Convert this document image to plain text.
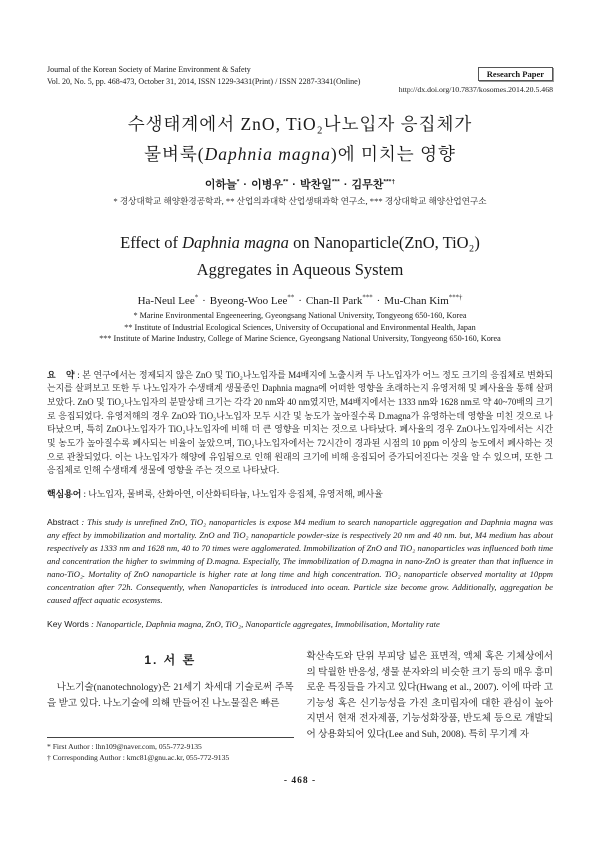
Journal of the Korean Society of Marine Environment & Safety
Vol. 20, No. 5, pp. 468-473, October 31, 2014, ISSN 1229-3431(Print) / ISSN 2287-3341(Online)
Research Paper
http://dx.doi.org/10.7837/kosomes.2014.20.5.468
수생태계에서 ZnO, TiO₂나노입자 응집체가
물벼룩(Daphnia magna)에 미치는 영향
이하늘* · 이병우** · 박찬일*** · 김무찬***†
* 경상대학교 해양환경공학과, ** 산업의과대학 산업생태과학 연구소, *** 경상대학교 해양산업연구소
Effect of Daphnia magna on Nanoparticle(ZnO, TiO₂)
Aggregates in Aqueous System
Ha-Neul Lee* · Byeong-Woo Lee** · Chan-Il Park*** · Mu-Chan Kim***†
* Marine Environmental Engeeneering, Gyeongsang National University, Tongyeong 650-160, Korea
** Institute of Industrial Ecological Sciences, University of Occupational and Environmental Health, Japan
*** Institute of Marine Industry, College of Marine Science, Gyeongsang National University, Tongyeong 650-160, Korea

요    약 : 본 연구에서는 정제되지 않은 ZnO 및 TiO₂나노입자를 M4배지에 노출시켜 두 나노입자가 어느 정도 크기의 응집체로 변화되는지를 살펴보고 또한 두 나노입자가 수생태계 생물종인 Daphnia magna에 어떠한 영향을 초래하는지 유영저해 및 폐사율을 통해 살펴보았다. ZnO 및 TiO₂나노입자의 분말상태 크기는 각각 20 nm와 40 nm였지만, M4배지에서는 1333 nm와 1628 nm로 약 40~70배의 크기로 응집되었다. 유영저해의 경우 ZnO와 TiO₂나노입자 모두 시간 및 농도가 높아질수록 D.magna가 유영하는데 영향을 미친 것으로 나타났으며, 특히 ZnO나노입자가 TiO₂나노입자에 비해 더 큰 영향을 미치는 것으로 나타났다. 폐사율의 경우 ZnO나노입자에서는 시간 및 농도가 높아질수록 폐사되는 비율이 높았으며, TiO₂나노입자에서는 72시간이 경과된 시점의 10 ppm 이상의 농도에서 폐사하는 것으로 관찰되었다. 이는 나노입자가 해양에 유입됨으로 인해 원래의 크기에 비해 응집되어 증가되어진다는 것을 알 수 있으며, 또한 그 응집체로 인해 수생태계 생물에 영향을 주는 것으로 나타났다.

핵심용어 : 나노입자, 물벼룩, 산화아연, 이산화티타늄, 나노입자 응집체, 유영저해, 폐사율

Abstract : This study is unrefined ZnO, TiO₂ nanoparticles is expose M4 medium to search nanoparticle aggregation and Daphnia magna was any effect by immobilization and mortality. ZnO and TiO₂ nanoparticle powder-size is respectively 20 nm and 40 nm. but, M4 medium has about respectively as 1333 nm and 1628 nm, 40 to 70 times were agglomerated. Immobilization of ZnO and TiO₂ nanoparticles was influenced both time and concentration the higher to swimming of D.magna. Especially, The immobilization of D.magna in nano-ZnO is greater than that influence in nano-TiO₂. Mortality of ZnO nanoparticle is higher rate at long time and high concentration. TiO₂ nanoparticle observed mortality at 10ppm concentration after 72h. Consequently, when Nanoparticles is introduced into ocean. Particle size become grow. Additionally, aggregation be caused affect aquatic ecosystems.

Key Words : Nanoparticle, Daphnia magna, ZnO, TiO₂, Nanoparticle aggregates, Immobilisation, Mortality rate

1. 서 론
나노기술(nanotechnology)은 21세기 차세대 기술로써 주목을 받고 있다. 나노기술에 의해 만들어진 나노물질은 빠른
* First Author : lhn109@naver.com, 055-772-9135
† Corresponding Author : kmc81@gnu.ac.kr, 055-772-9135
확산속도와 단위 부피당 넓은 표면적, 액체 혹은 기체상에서의 탁월한 반응성, 생물 분자와의 비슷한 크기 등의 매우 흥미로운 특징들을 가지고 있다(Hwang et al., 2007). 이에 따라 고기능성 혹은 신기능성을 가진 초미립자에 대한 관심이 높아지면서 현재 전자제품, 기능성화장품, 반도체 등으로 개발되어 상용화되어 있다(Lee and Suh, 2008). 특히 무기계 자
- 468 -
